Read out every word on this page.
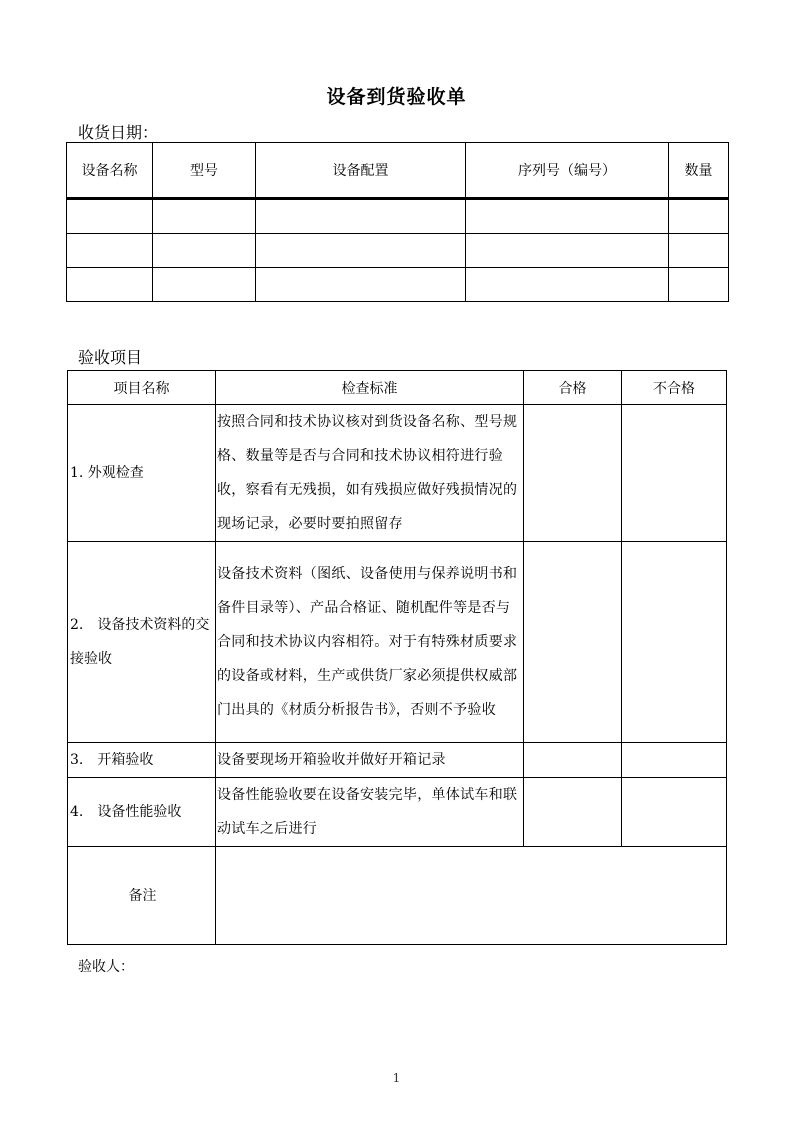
设备到货验收单
收货日期：
设备名称	型号	设备配置	序列号（编号）	数量

验收项目
项目名称	检查标准	合格	不合格
1. 外观检查	按照合同和技术协议核对到货设备名称、型号规格、数量等是否与合同和技术协议相符进行验收，察看有无残损，如有残损应做好残损情况的现场记录，必要时要拍照留存		
2.　设备技术资料的交接验收	设备技术资料（图纸、设备使用与保养说明书和备件目录等）、产品合格证、随机配件等是否与合同和技术协议内容相符。对于有特殊材质要求的设备或材料，生产或供货厂家必须提供权威部门出具的《材质分析报告书》，否则不予验收		
3.　开箱验收	设备要现场开箱验收并做好开箱记录		
4.　设备性能验收	设备性能验收要在设备安装完毕，单体试车和联动试车之后进行		
备注			
验收人：
1
